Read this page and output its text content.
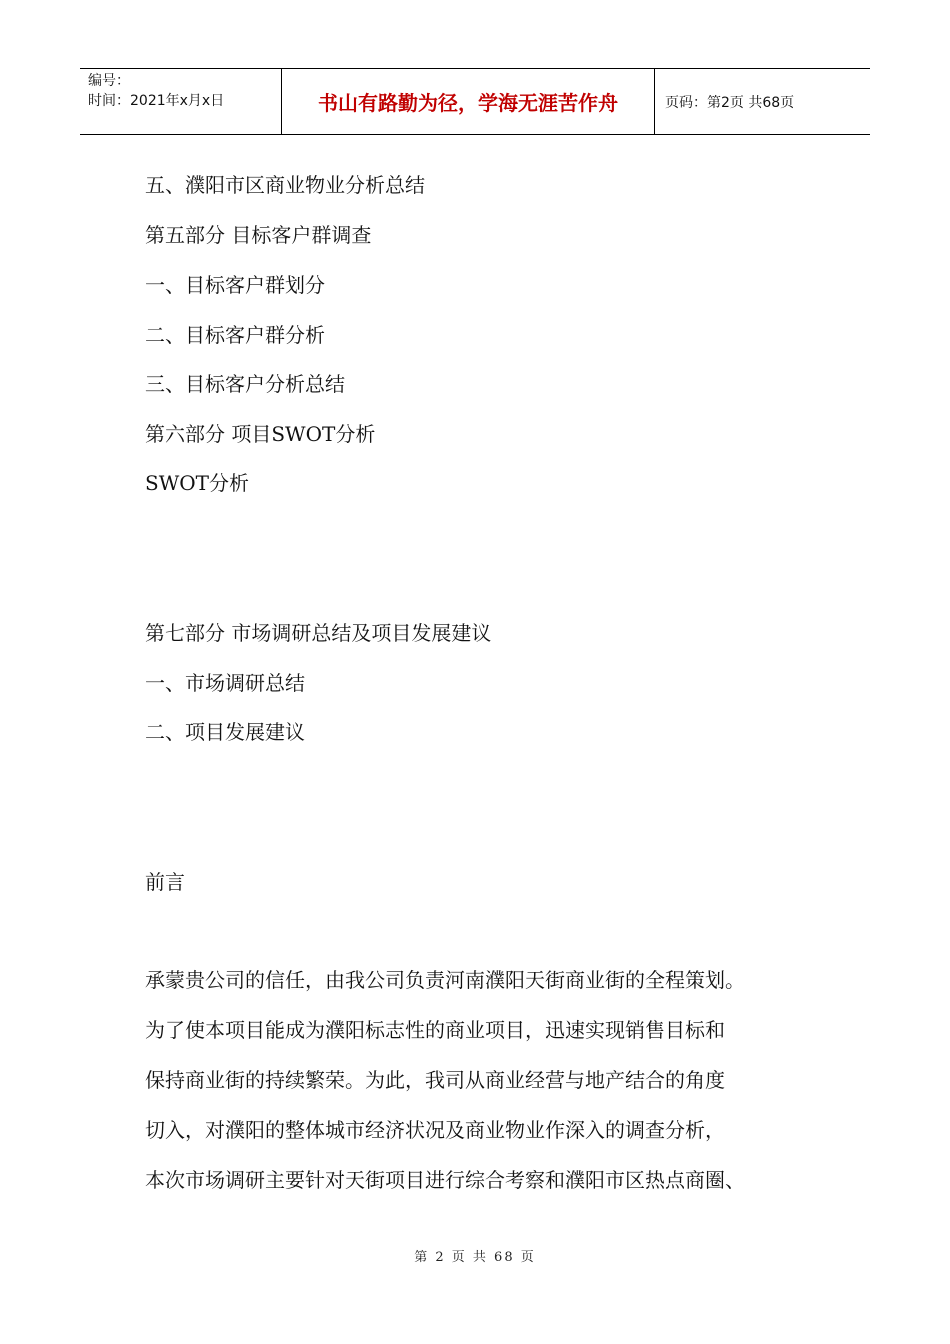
编号：
时间：2021年x月x日	书山有路勤为径，学海无涯苦作舟	页码：第2页 共68页
五、濮阳市区商业物业分析总结
第五部分 目标客户群调查
一、目标客户群划分
二、目标客户群分析
三、目标客户分析总结
第六部分 项目SWOT分析
SWOT分析
第七部分 市场调研总结及项目发展建议
一、市场调研总结
二、项目发展建议
前言
承蒙贵公司的信任，由我公司负责河南濮阳天街商业街的全程策划。
为了使本项目能成为濮阳标志性的商业项目，迅速实现销售目标和
保持商业街的持续繁荣。为此，我司从商业经营与地产结合的角度
切入，对濮阳的整体城市经济状况及商业物业作深入的调查分析，
本次市场调研主要针对天街项目进行综合考察和濮阳市区热点商圈、
第 2 页 共 68 页
